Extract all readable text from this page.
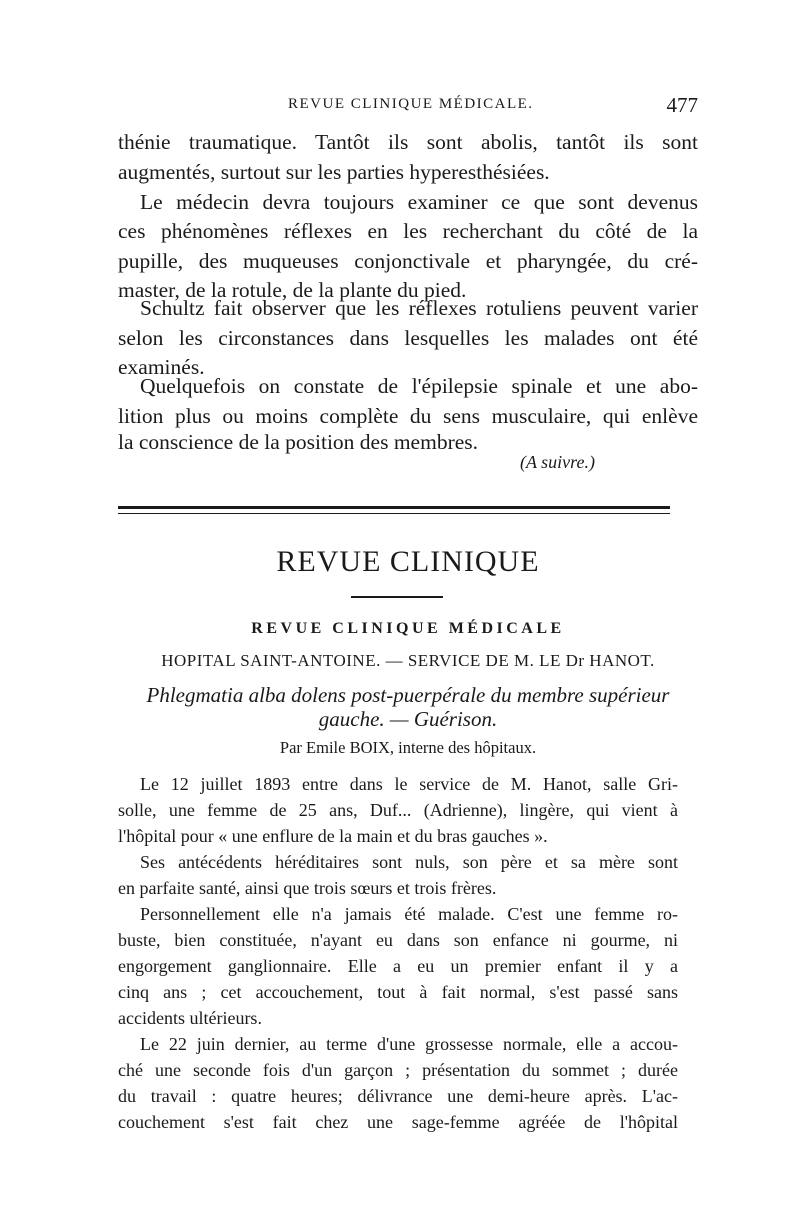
REVUE CLINIQUE MÉDICALE.	477
thénie traumatique. Tantôt ils sont abolis, tantôt ils sont
augmentés, surtout sur les parties hyperesthésiées.
Le médecin devra toujours examiner ce que sont devenus
ces phénomènes réflexes en les recherchant du côté de la
pupille, des muqueuses conjonctivale et pharyngée, du cré-
master, de la rotule, de la plante du pied.
Schultz fait observer que les réflexes rotuliens peuvent varier
selon les circonstances dans lesquelles les malades ont été
examinés.
Quelquefois on constate de l'épilepsie spinale et une abo-
lition plus ou moins complète du sens musculaire, qui enlève
la conscience de la position des membres.
(A suivre.)
REVUE CLINIQUE
REVUE CLINIQUE MÉDICALE
HOPITAL SAINT-ANTOINE. — SERVICE DE M. LE Dr HANOT.
Phlegmatia alba dolens post-puerpérale du membre supérieur
gauche. — Guérison.
Par Emile BOIX, interne des hôpitaux.
Le 12 juillet 1893 entre dans le service de M. Hanot, salle Gri-
solle, une femme de 25 ans, Duf... (Adrienne), lingère, qui vient à
l'hôpital pour « une enflure de la main et du bras gauches ».
Ses antécédents héréditaires sont nuls, son père et sa mère sont
en parfaite santé, ainsi que trois sœurs et trois frères.
Personnellement elle n'a jamais été malade. C'est une femme ro-
buste, bien constituée, n'ayant eu dans son enfance ni gourme, ni
engorgement ganglionnaire. Elle a eu un premier enfant il y a
cinq ans ; cet accouchement, tout à fait normal, s'est passé sans
accidents ultérieurs.
Le 22 juin dernier, au terme d'une grossesse normale, elle a accou-
ché une seconde fois d'un garçon ; présentation du sommet ; durée
du travail : quatre heures; délivrance une demi-heure après. L'ac-
couchement s'est fait chez une sage-femme agréée de l'hôpital
